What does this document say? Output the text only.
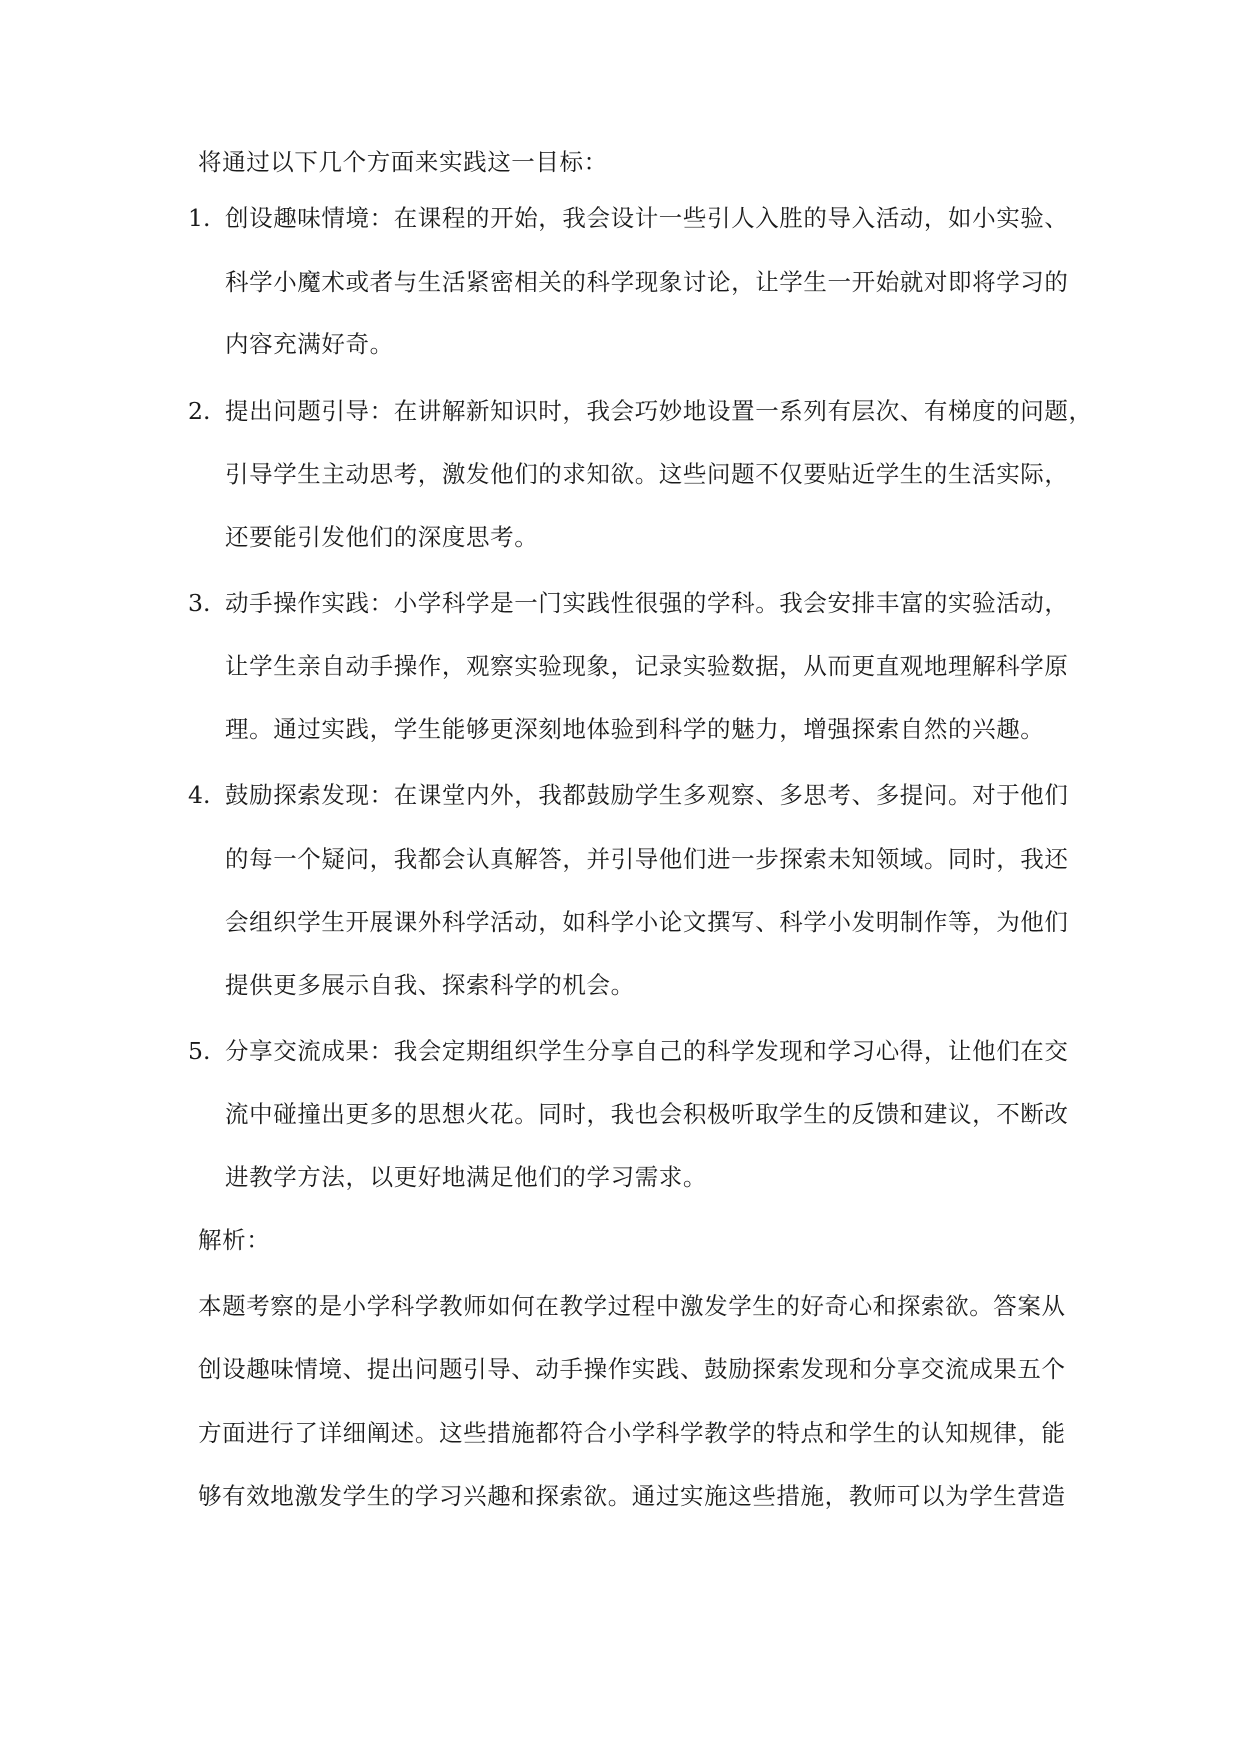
将通过以下几个方面来实践这一目标：
1. 创设趣味情境：在课程的开始，我会设计一些引人入胜的导入活动，如小实验、
科学小魔术或者与生活紧密相关的科学现象讨论，让学生一开始就对即将学习的
内容充满好奇。
2. 提出问题引导：在讲解新知识时，我会巧妙地设置一系列有层次、有梯度的问题，
引导学生主动思考，激发他们的求知欲。这些问题不仅要贴近学生的生活实际，
还要能引发他们的深度思考。
3. 动手操作实践：小学科学是一门实践性很强的学科。我会安排丰富的实验活动，
让学生亲自动手操作，观察实验现象，记录实验数据，从而更直观地理解科学原
理。通过实践，学生能够更深刻地体验到科学的魅力，增强探索自然的兴趣。
4. 鼓励探索发现：在课堂内外，我都鼓励学生多观察、多思考、多提问。对于他们
的每一个疑问，我都会认真解答，并引导他们进一步探索未知领域。同时，我还
会组织学生开展课外科学活动，如科学小论文撰写、科学小发明制作等，为他们
提供更多展示自我、探索科学的机会。
5. 分享交流成果：我会定期组织学生分享自己的科学发现和学习心得，让他们在交
流中碰撞出更多的思想火花。同时，我也会积极听取学生的反馈和建议，不断改
进教学方法，以更好地满足他们的学习需求。
解析：
本题考察的是小学科学教师如何在教学过程中激发学生的好奇心和探索欲。答案从
创设趣味情境、提出问题引导、动手操作实践、鼓励探索发现和分享交流成果五个
方面进行了详细阐述。这些措施都符合小学科学教学的特点和学生的认知规律，能
够有效地激发学生的学习兴趣和探索欲。通过实施这些措施，教师可以为学生营造
